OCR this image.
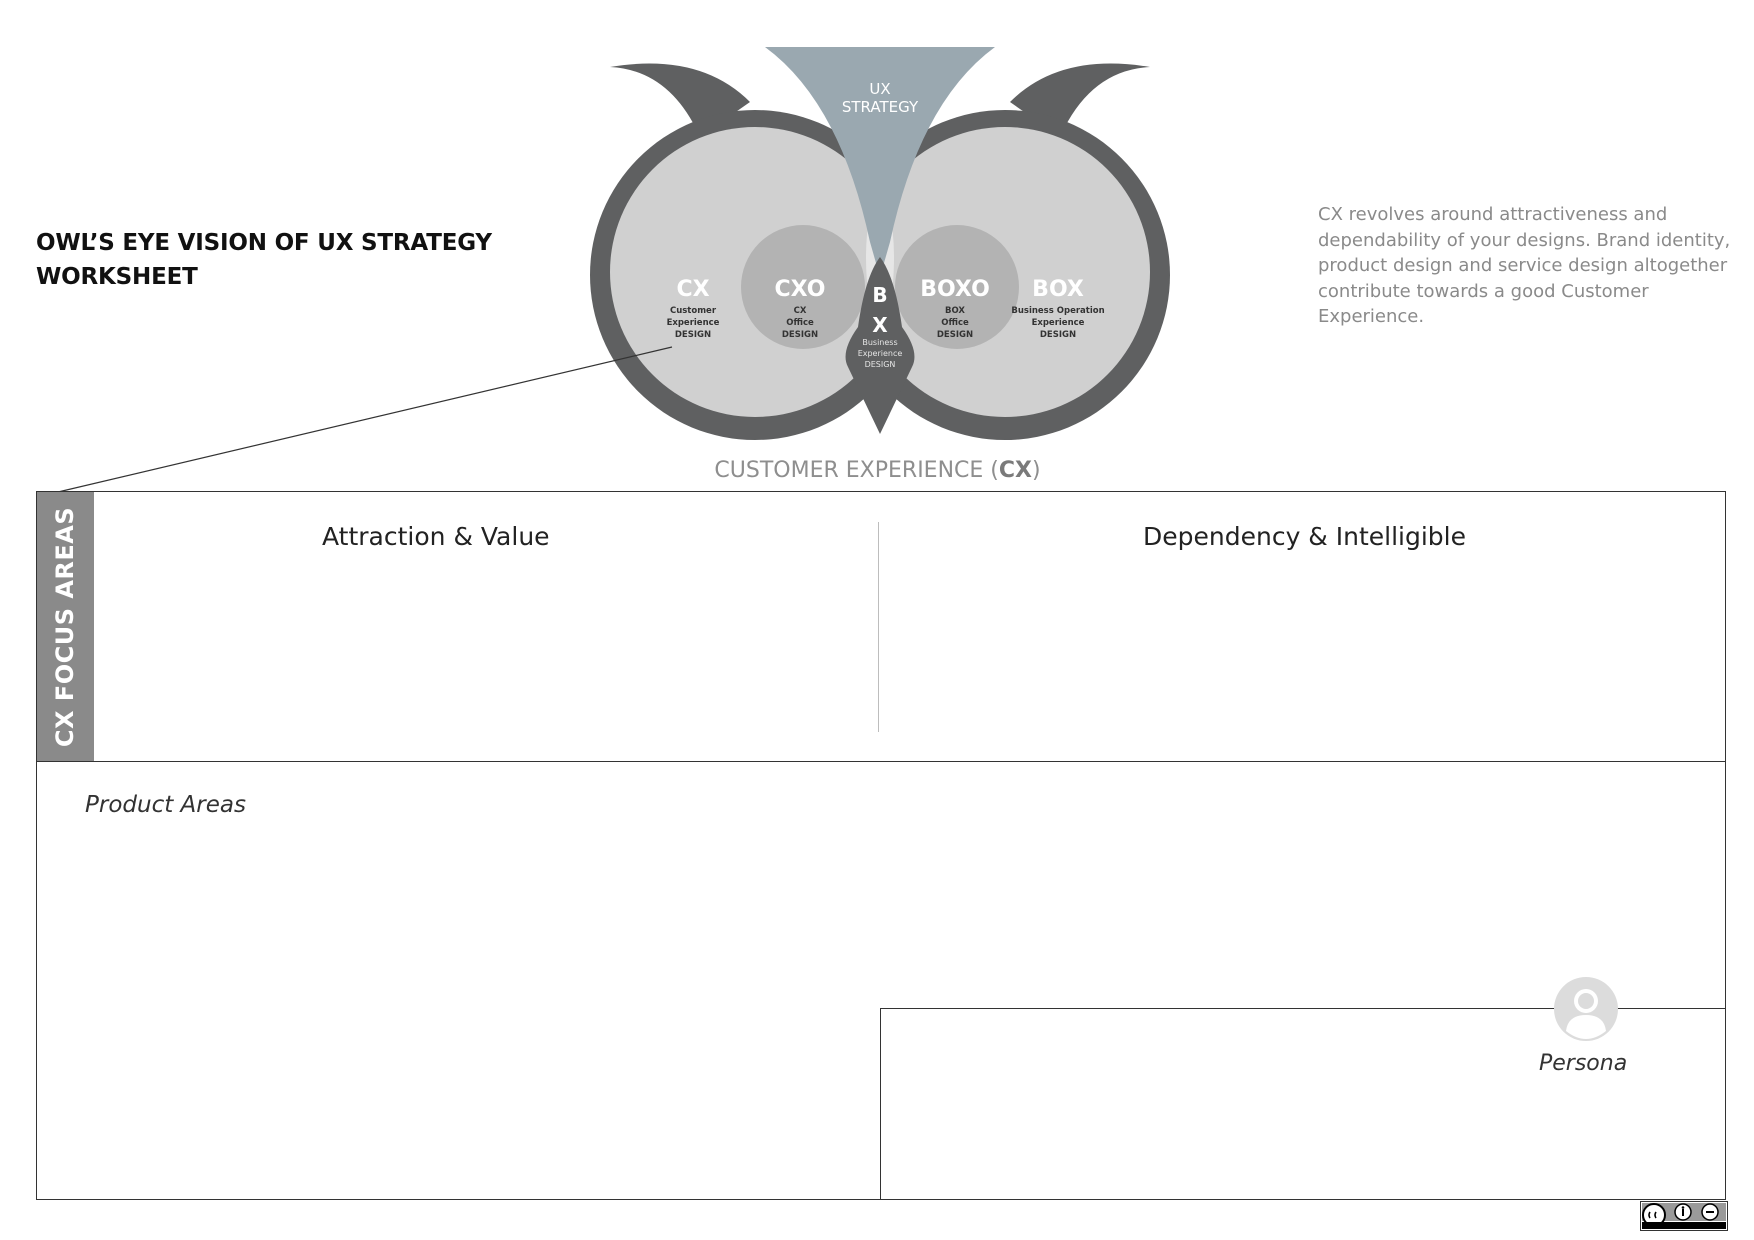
OWL’S EYE VISION OF UX STRATEGY
WORKSHEET
UX
STRATEGY
CX
Customer
Experience
DESIGN
CXO
CX
Office
DESIGN
B
X
Business
Experience
DESIGN
BOXO
BOX
Office
DESIGN
BOX
Business Operation
Experience
DESIGN
CX revolves around attractiveness and dependability of your designs. Brand identity, product design and service design altogether contribute towards a good Customer Experience.
CUSTOMER EXPERIENCE (CX)
CX FOCUS AREAS	Attraction & Value	Dependency & Intelligible
Product Areas
Persona
